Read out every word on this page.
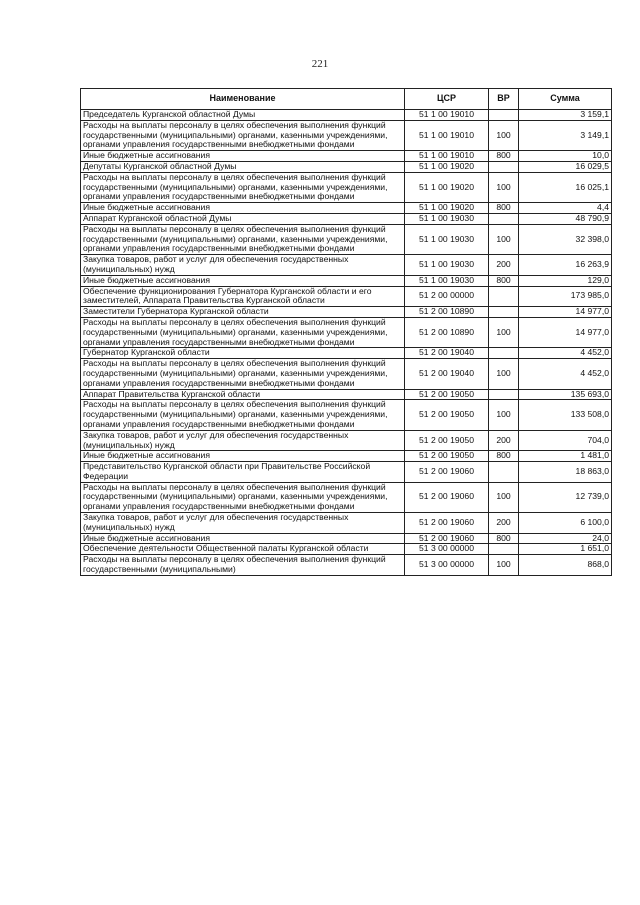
221
Наименование	ЦСР	ВР	Сумма
Председатель Курганской областной Думы	51 1 00 19010		3 159,1
Расходы на выплаты персоналу в целях обеспечения выполнения функций государственными (муниципальными) органами, казенными учреждениями, органами управления государственными внебюджетными фондами	51 1 00 19010	100	3 149,1
Иные бюджетные ассигнования	51 1 00 19010	800	10,0
Депутаты Курганской областной Думы	51 1 00 19020		16 029,5
Расходы на выплаты персоналу в целях обеспечения выполнения функций государственными (муниципальными) органами, казенными учреждениями, органами управления государственными внебюджетными фондами	51 1 00 19020	100	16 025,1
Иные бюджетные ассигнования	51 1 00 19020	800	4,4
Аппарат Курганской областной Думы	51 1 00 19030		48 790,9
Расходы на выплаты персоналу в целях обеспечения выполнения функций государственными (муниципальными) органами, казенными учреждениями, органами управления государственными внебюджетными фондами	51 1 00 19030	100	32 398,0
Закупка товаров, работ и услуг для обеспечения государственных (муниципальных) нужд	51 1 00 19030	200	16 263,9
Иные бюджетные ассигнования	51 1 00 19030	800	129,0
Обеспечение функционирования Губернатора Курганской области и его заместителей, Аппарата Правительства Курганской области	51 2 00 00000		173 985,0
Заместители Губернатора Курганской области	51 2 00 10890		14 977,0
Расходы на выплаты персоналу в целях обеспечения выполнения функций государственными (муниципальными) органами, казенными учреждениями, органами управления государственными внебюджетными фондами	51 2 00 10890	100	14 977,0
Губернатор Курганской области	51 2 00 19040		4 452,0
Расходы на выплаты персоналу в целях обеспечения выполнения функций государственными (муниципальными) органами, казенными учреждениями, органами управления государственными внебюджетными фондами	51 2 00 19040	100	4 452,0
Аппарат Правительства Курганской области	51 2 00 19050		135 693,0
Расходы на выплаты персоналу в целях обеспечения выполнения функций государственными (муниципальными) органами, казенными учреждениями, органами управления государственными внебюджетными фондами	51 2 00 19050	100	133 508,0
Закупка товаров, работ и услуг для обеспечения государственных (муниципальных) нужд	51 2 00 19050	200	704,0
Иные бюджетные ассигнования	51 2 00 19050	800	1 481,0
Представительство Курганской области при Правительстве Российской Федерации	51 2 00 19060		18 863,0
Расходы на выплаты персоналу в целях обеспечения выполнения функций государственными (муниципальными) органами, казенными учреждениями, органами управления государственными внебюджетными фондами	51 2 00 19060	100	12 739,0
Закупка товаров, работ и услуг для обеспечения государственных (муниципальных) нужд	51 2 00 19060	200	6 100,0
Иные бюджетные ассигнования	51 2 00 19060	800	24,0
Обеспечение деятельности Общественной палаты Курганской области	51 3 00 00000		1 651,0
Расходы на выплаты персоналу в целях обеспечения выполнения функций государственными (муниципальными)	51 3 00 00000	100	868,0
